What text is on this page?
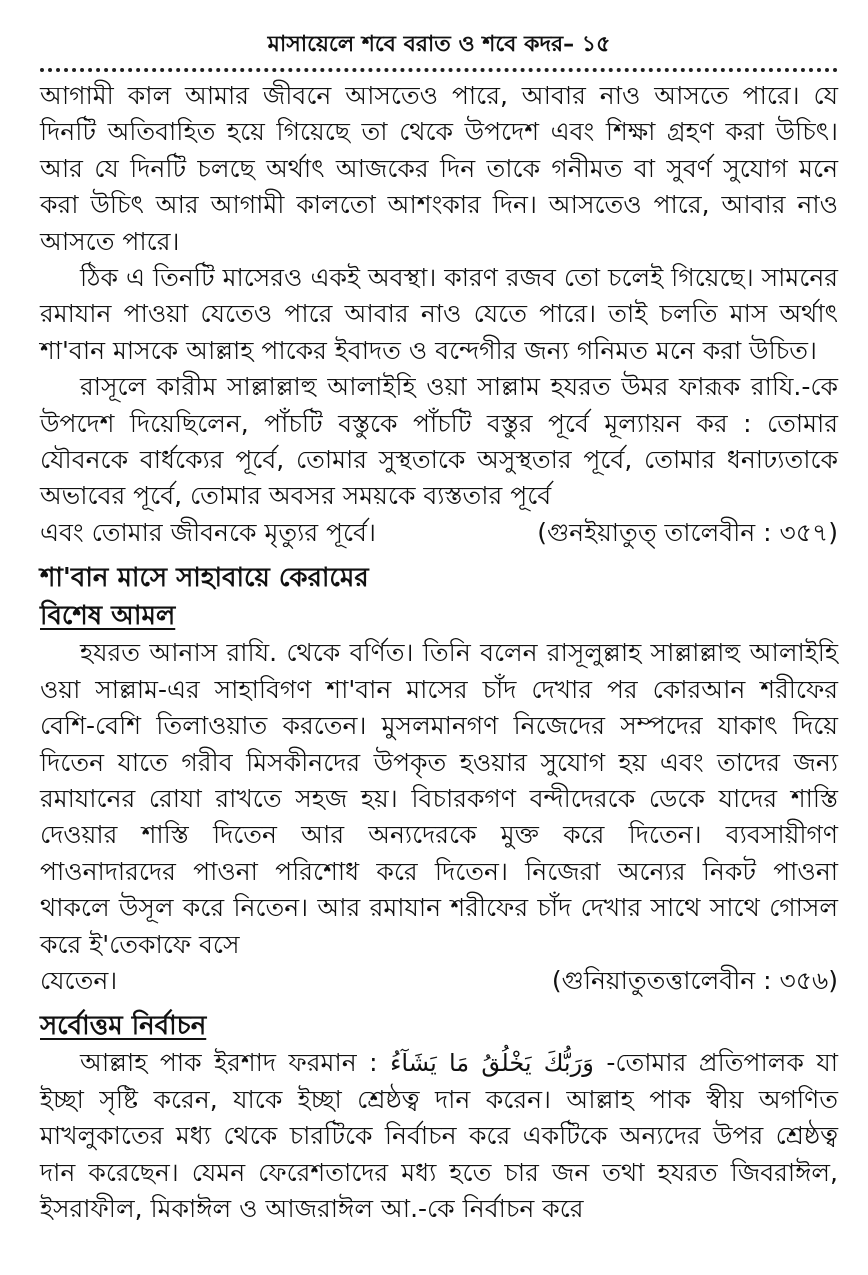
মাসায়েলে শবে বরাত ও শবে কদর– ১৫

আগামী কাল আমার জীবনে আসতেও পারে, আবার নাও আসতে পারে। যে দিনটি অতিবাহিত হয়ে গিয়েছে তা থেকে উপদেশ এবং শিক্ষা গ্রহণ করা উচিৎ। আর যে দিনটি চলছে অর্থাৎ আজকের দিন তাকে গনীমত বা সুবর্ণ সুযোগ মনে করা উচিৎ আর আগামী কালতো আশংকার দিন। আসতেও পারে, আবার নাও আসতে পারে।

ঠিক এ তিনটি মাসেরও একই অবস্থা। কারণ রজব তো চলেই গিয়েছে। সামনের রমাযান পাওয়া যেতেও পারে আবার নাও যেতে পারে। তাই চলতি মাস অর্থাৎ শা'বান মাসকে আল্লাহ পাকের ইবাদত ও বন্দেগীর জন্য গনিমত মনে করা উচিত।

রাসূলে কারীম সাল্লাল্লাহু আলাইহি ওয়া সাল্লাম হযরত উমর ফারূক রাযি.-কে উপদেশ দিয়েছিলেন, পাঁচটি বস্তুকে পাঁচটি বস্তুর পূর্বে মূল্যায়ন কর : তোমার যৌবনকে বার্ধক্যের পূর্বে, তোমার সুস্থতাকে অসুস্থতার পূর্বে, তোমার ধনাঢ্যতাকে অভাবের পূর্বে, তোমার অবসর সময়কে ব্যস্ততার পূর্বে

এবং তোমার জীবনকে মৃত্যুর পূর্বে।	(গুনইয়াতুত্ তালেবীন : ৩৫৭)

শা'বান মাসে সাহাবায়ে কেরামের

বিশেষ আমল

হযরত আনাস রাযি. থেকে বর্ণিত। তিনি বলেন রাসূলুল্লাহ সাল্লাল্লাহু আলাইহি ওয়া সাল্লাম-এর সাহাবিগণ শা'বান মাসের চাঁদ দেখার পর কোরআন শরীফের বেশি-বেশি তিলাওয়াত করতেন। মুসলমানগণ নিজেদের সম্পদের যাকাৎ দিয়ে দিতেন যাতে গরীব মিসকীনদের উপকৃত হওয়ার সুযোগ হয় এবং তাদের জন্য রমাযানের রোযা রাখতে সহজ হয়। বিচারকগণ বন্দীদেরকে ডেকে যাদের শাস্তি দেওয়ার শাস্তি দিতেন আর অন্যদেরকে মুক্ত করে দিতেন। ব্যবসায়ীগণ পাওনাদারদের পাওনা পরিশোধ করে দিতেন। নিজেরা অন্যের নিকট পাওনা থাকলে উসূল করে নিতেন। আর রমাযান শরীফের চাঁদ দেখার সাথে সাথে গোসল করে ই'তেকাফে বসে

যেতেন।	(গুনিয়াতুতত্তালেবীন : ৩৫৬)

সর্বোত্তম নির্বাচন

আল্লাহ পাক ইরশাদ ফরমান : وَرَبُّكَ يَخْلُقُ مَا يَشَآءُ -তোমার প্রতিপালক যা ইচ্ছা সৃষ্টি করেন, যাকে ইচ্ছা শ্রেষ্ঠত্ব দান করেন। আল্লাহ পাক স্বীয় অগণিত মাখলুকাতের মধ্য থেকে চারটিকে নির্বাচন করে একটিকে অন্যদের উপর শ্রেষ্ঠত্ব দান করেছেন। যেমন ফেরেশতাদের মধ্য হতে চার জন তথা হযরত জিবরাঈল, ইসরাফীল, মিকাঈল ও আজরাঈল আ.-কে নির্বাচন করে
